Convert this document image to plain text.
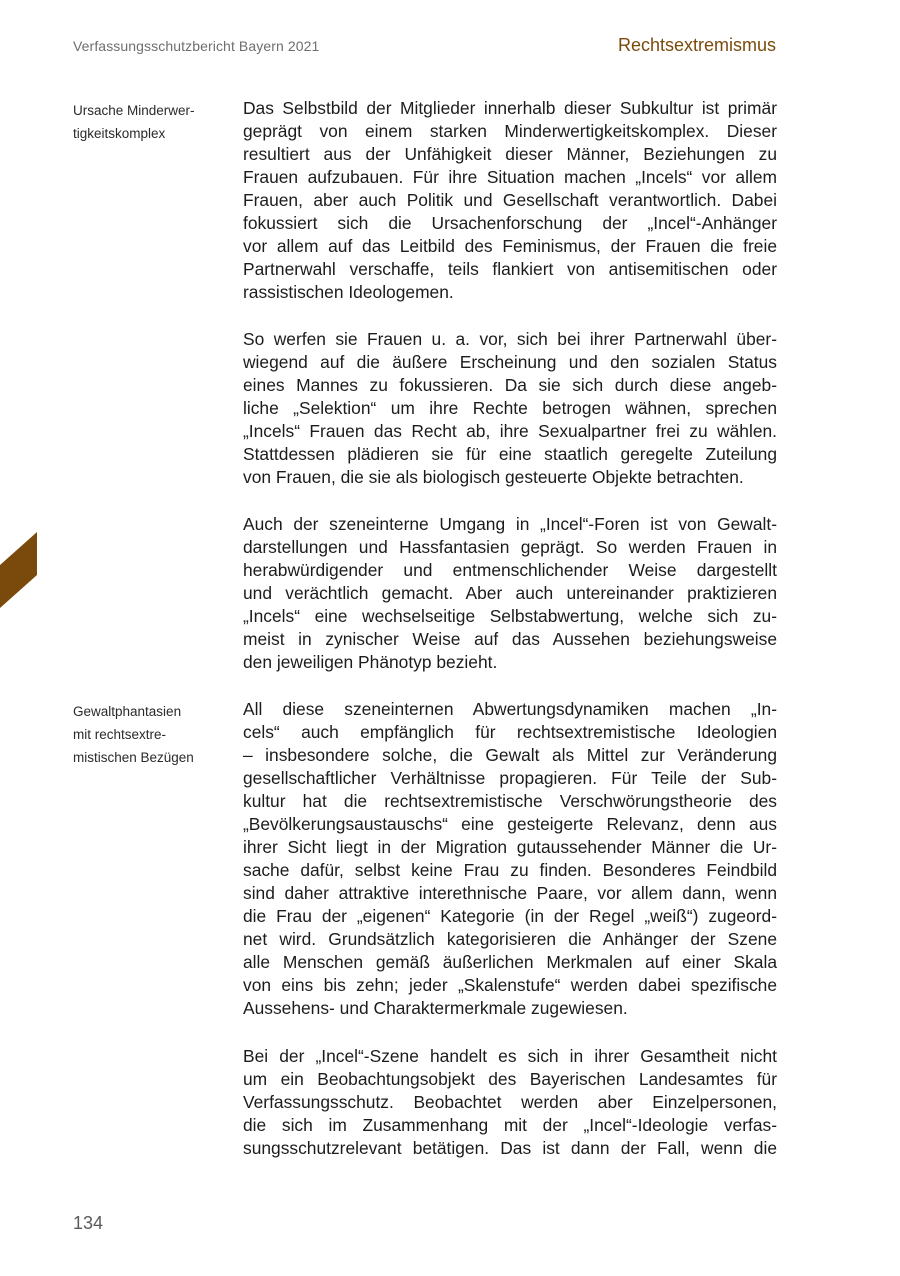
Verfassungsschutzbericht Bayern 2021	Rechtsextremismus
Ursache Minderwer-
tigkeitskomplex
Gewaltphantasien
mit rechtsextre-
mistischen Bezügen
Das Selbstbild der Mitglieder innerhalb dieser Subkultur ist primär
geprägt von einem starken Minderwertigkeitskomplex. Dieser
resultiert aus der Unfähigkeit dieser Männer, Beziehungen zu
Frauen aufzubauen. Für ihre Situation machen „Incels“ vor allem
Frauen, aber auch Politik und Gesellschaft verantwortlich. Dabei
fokussiert sich die Ursachenforschung der „Incel“-Anhänger
vor allem auf das Leitbild des Feminismus, der Frauen die freie
Partnerwahl verschaffe, teils flankiert von antisemitischen oder
rassistischen Ideologemen.
So werfen sie Frauen u. a. vor, sich bei ihrer Partnerwahl über-
wiegend auf die äußere Erscheinung und den sozialen Status
eines Mannes zu fokussieren. Da sie sich durch diese angeb-
liche „Selektion“ um ihre Rechte betrogen wähnen, sprechen
„Incels“ Frauen das Recht ab, ihre Sexualpartner frei zu wählen.
Stattdessen plädieren sie für eine staatlich geregelte Zuteilung
von Frauen, die sie als biologisch gesteuerte Objekte betrachten.
Auch der szeneinterne Umgang in „Incel“-Foren ist von Gewalt-
darstellungen und Hassfantasien geprägt. So werden Frauen in
herabwürdigender und entmenschlichender Weise dargestellt
und verächtlich gemacht. Aber auch untereinander praktizieren
„Incels“ eine wechselseitige Selbstabwertung, welche sich zu-
meist in zynischer Weise auf das Aussehen beziehungsweise
den jeweiligen Phänotyp bezieht.
All diese szeneinternen Abwertungsdynamiken machen „In-
cels“ auch empfänglich für rechtsextremistische Ideologien
– insbesondere solche, die Gewalt als Mittel zur Veränderung
gesellschaftlicher Verhältnisse propagieren. Für Teile der Sub-
kultur hat die rechtsextremistische Verschwörungstheorie des
„Bevölkerungsaustauschs“ eine gesteigerte Relevanz, denn aus
ihrer Sicht liegt in der Migration gutaussehender Männer die Ur-
sache dafür, selbst keine Frau zu finden. Besonderes Feindbild
sind daher attraktive interethnische Paare, vor allem dann, wenn
die Frau der „eigenen“ Kategorie (in der Regel „weiß“) zugeord-
net wird. Grundsätzlich kategorisieren die Anhänger der Szene
alle Menschen gemäß äußerlichen Merkmalen auf einer Skala
von eins bis zehn; jeder „Skalenstufe“ werden dabei spezifische
Aussehens- und Charaktermerkmale zugewiesen.
Bei der „Incel“-Szene handelt es sich in ihrer Gesamtheit nicht
um ein Beobachtungsobjekt des Bayerischen Landesamtes für
Verfassungsschutz. Beobachtet werden aber Einzelpersonen,
die sich im Zusammenhang mit der „Incel“-Ideologie verfas-
sungsschutzrelevant betätigen. Das ist dann der Fall, wenn die
134
